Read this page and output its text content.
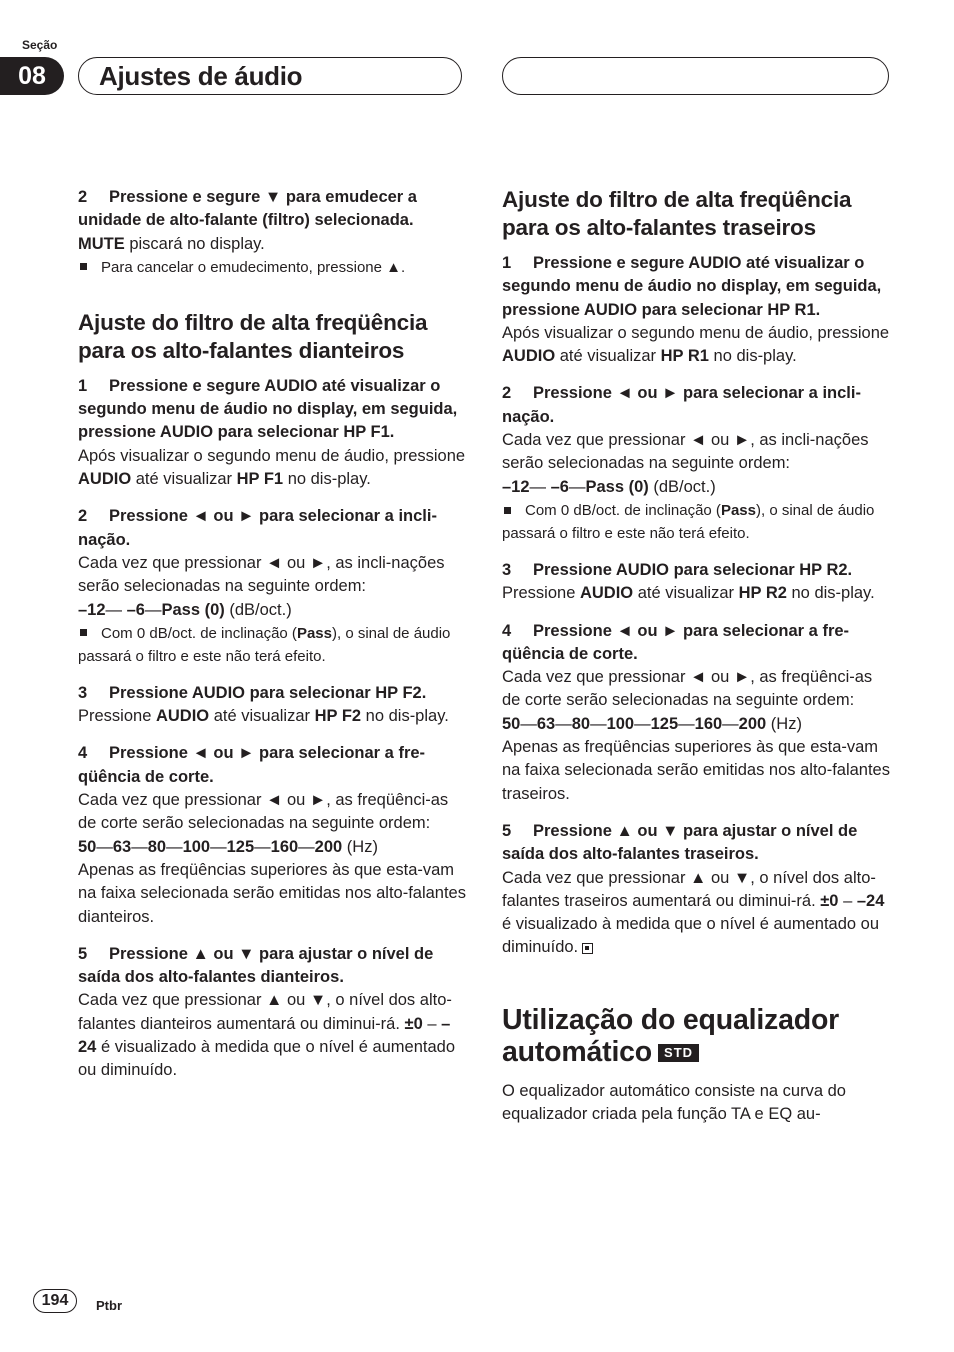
Seção
08	Ajustes de áudio
2 Pressione e segure ▼ para emudecer a unidade de alto-falante (filtro) selecionada.
MUTE piscará no display.
Para cancelar o emudecimento, pressione ▲.
Ajuste do filtro de alta freqüência para os alto-falantes dianteiros
1 Pressione e segure AUDIO até visualizar o segundo menu de áudio no display, em seguida, pressione AUDIO para selecionar HP F1.
Após visualizar o segundo menu de áudio, pressione AUDIO até visualizar HP F1 no dis-play.
2 Pressione ◄ ou ► para selecionar a incli-nação.
Cada vez que pressionar ◄ ou ►, as incli-nações serão selecionadas na seguinte ordem:
–12— –6—Pass (0) (dB/oct.)
Com 0 dB/oct. de inclinação (Pass), o sinal de áudio passará o filtro e este não terá efeito.
3 Pressione AUDIO para selecionar HP F2.
Pressione AUDIO até visualizar HP F2 no dis-play.
4 Pressione ◄ ou ► para selecionar a fre-qüência de corte.
Cada vez que pressionar ◄ ou ►, as freqüênci-as de corte serão selecionadas na seguinte ordem:
50—63—80—100—125—160—200 (Hz)
Apenas as freqüências superiores às que esta-vam na faixa selecionada serão emitidas nos alto-falantes dianteiros.
5 Pressione ▲ ou ▼ para ajustar o nível de saída dos alto-falantes dianteiros.
Cada vez que pressionar ▲ ou ▼, o nível dos alto-falantes dianteiros aumentará ou diminui-rá. ±0 – –24 é visualizado à medida que o nível é aumentado ou diminuído.
Ajuste do filtro de alta freqüência para os alto-falantes traseiros
1 Pressione e segure AUDIO até visualizar o segundo menu de áudio no display, em seguida, pressione AUDIO para selecionar HP R1.
Após visualizar o segundo menu de áudio, pressione AUDIO até visualizar HP R1 no dis-play.
2 Pressione ◄ ou ► para selecionar a incli-nação.
Cada vez que pressionar ◄ ou ►, as incli-nações serão selecionadas na seguinte ordem:
–12— –6—Pass (0) (dB/oct.)
Com 0 dB/oct. de inclinação (Pass), o sinal de áudio passará o filtro e este não terá efeito.
3 Pressione AUDIO para selecionar HP R2.
Pressione AUDIO até visualizar HP R2 no dis-play.
4 Pressione ◄ ou ► para selecionar a fre-qüência de corte.
Cada vez que pressionar ◄ ou ►, as freqüênci-as de corte serão selecionadas na seguinte ordem:
50—63—80—100—125—160—200 (Hz)
Apenas as freqüências superiores às que esta-vam na faixa selecionada serão emitidas nos alto-falantes traseiros.
5 Pressione ▲ ou ▼ para ajustar o nível de saída dos alto-falantes traseiros.
Cada vez que pressionar ▲ ou ▼, o nível dos alto-falantes traseiros aumentará ou diminui-rá. ±0 – –24 é visualizado à medida que o nível é aumentado ou diminuído.
Utilização do equalizador automático STD
O equalizador automático consiste na curva do equalizador criada pela função TA e EQ au-
194	Ptbr
